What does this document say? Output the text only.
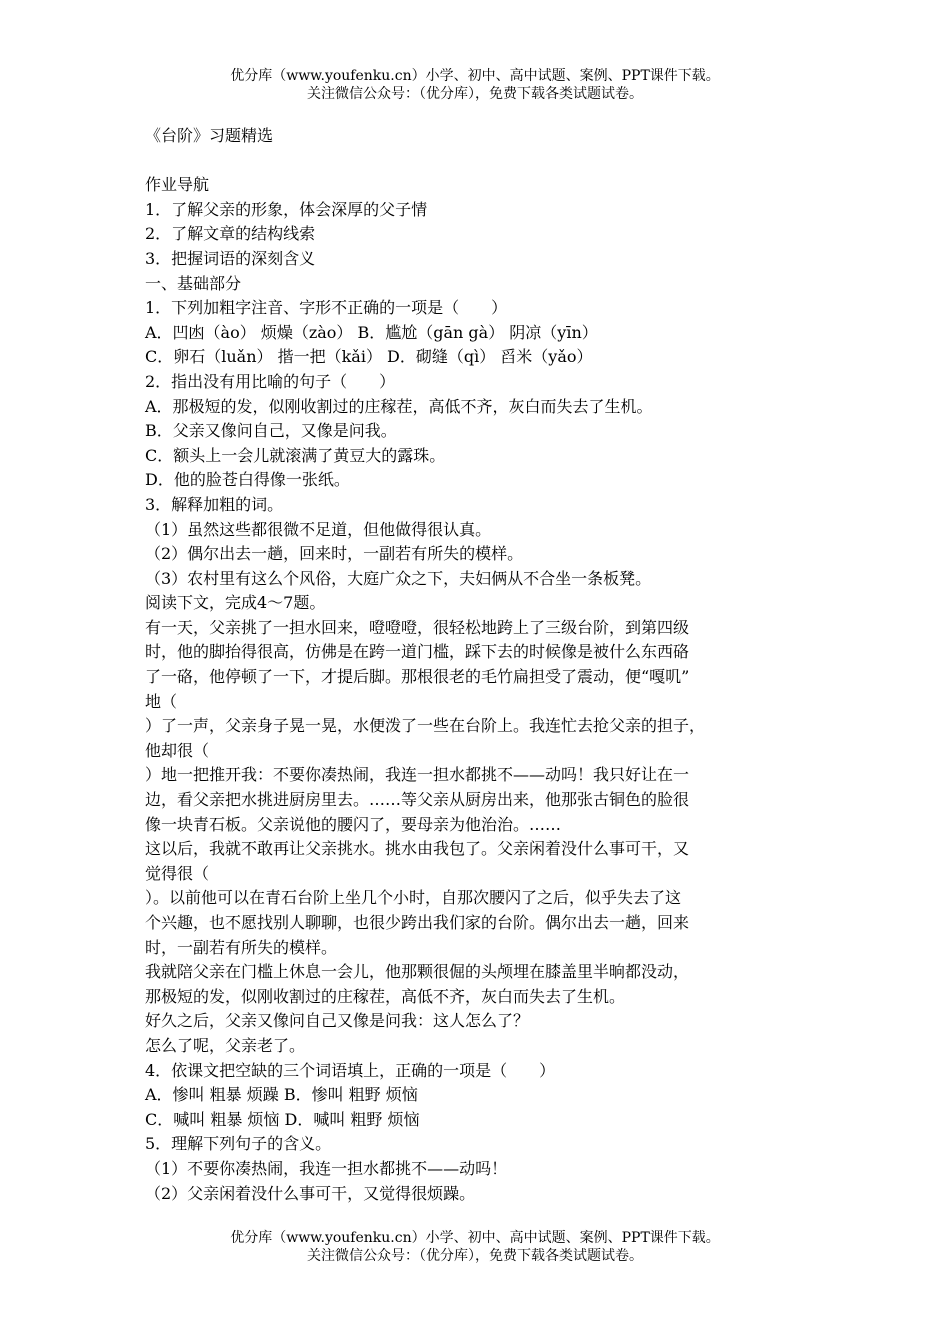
优分库（www.youfenku.cn）小学、初中、高中试题、案例、PPT课件下载。
关注微信公众号：（优分库），免费下载各类试题试卷。
《台阶》习题精选
作业导航
1．了解父亲的形象，体会深厚的父子情
2．了解文章的结构线索
3．把握词语的深刻含义
一、基础部分
1．下列加粗字注音、字形不正确的一项是（　　）
A．凹凼（ào） 烦燥（zào） B．尴尬（gān gà） 阴凉（yīn）
C．卵石（luǎn） 揩一把（kǎi） D．砌缝（qì） 舀米（yǎo）
2．指出没有用比喻的句子（　　）
A．那极短的发，似刚收割过的庄稼茬，高低不齐，灰白而失去了生机。
B．父亲又像问自己，又像是问我。
C．额头上一会儿就滚满了黄豆大的露珠。
D．他的脸苍白得像一张纸。
3．解释加粗的词。
（1）虽然这些都很微不足道，但他做得很认真。
（2）偶尔出去一趟，回来时，一副若有所失的模样。
（3）农村里有这么个风俗，大庭广众之下，夫妇俩从不合坐一条板凳。
阅读下文，完成4～7题。
有一天，父亲挑了一担水回来，噔噔噔，很轻松地跨上了三级台阶，到第四级
时，他的脚抬得很高，仿佛是在跨一道门槛，踩下去的时候像是被什么东西硌
了一硌，他停顿了一下，才提后脚。那根很老的毛竹扁担受了震动，便“嘎叽”
地（
）了一声，父亲身子晃一晃，水便泼了一些在台阶上。我连忙去抢父亲的担子，
他却很（
）地一把推开我：不要你凑热闹，我连一担水都挑不——动吗！我只好让在一
边，看父亲把水挑进厨房里去。……等父亲从厨房出来，他那张古铜色的脸很
像一块青石板。父亲说他的腰闪了，要母亲为他治治。……
这以后，我就不敢再让父亲挑水。挑水由我包了。父亲闲着没什么事可干，又
觉得很（
）。以前他可以在青石台阶上坐几个小时，自那次腰闪了之后，似乎失去了这
个兴趣，也不愿找别人聊聊，也很少跨出我们家的台阶。偶尔出去一趟，回来
时，一副若有所失的模样。
我就陪父亲在门槛上休息一会儿，他那颗很倔的头颅埋在膝盖里半晌都没动，
那极短的发，似刚收割过的庄稼茬，高低不齐，灰白而失去了生机。
好久之后，父亲又像问自己又像是问我：这人怎么了？
怎么了呢，父亲老了。
4．依课文把空缺的三个词语填上，正确的一项是（　　）
A．惨叫 粗暴 烦躁 B．惨叫 粗野 烦恼
C．喊叫 粗暴 烦恼 D．喊叫 粗野 烦恼
5．理解下列句子的含义。
（1）不要你凑热闹，我连一担水都挑不——动吗！
（2）父亲闲着没什么事可干，又觉得很烦躁。
优分库（www.youfenku.cn）小学、初中、高中试题、案例、PPT课件下载。
关注微信公众号：（优分库），免费下载各类试题试卷。
